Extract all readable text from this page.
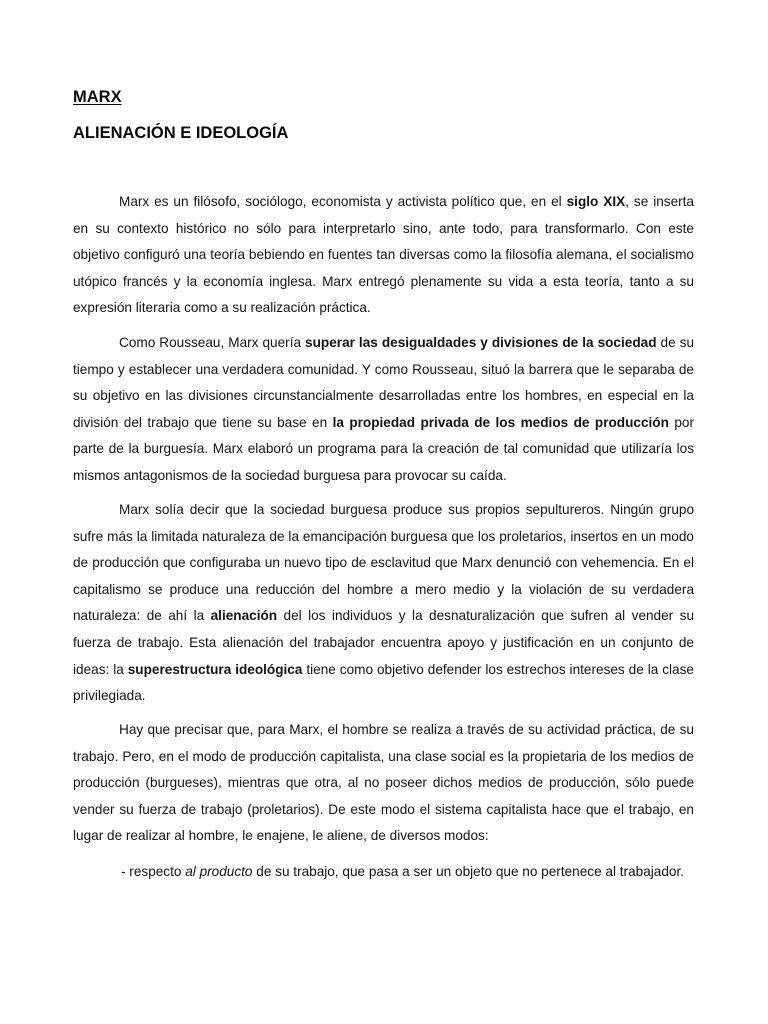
MARX
ALIENACIÓN E IDEOLOGÍA

Marx es un filósofo, sociólogo, economista y activista político que, en el siglo XIX, se inserta en su contexto histórico no sólo para interpretarlo sino, ante todo, para transformarlo. Con este objetivo configuró una teoría bebiendo en fuentes tan diversas como la filosofía alemana, el socialismo utópico francés y la economía inglesa. Marx entregó plenamente su vida a esta teoría, tanto a su expresión literaria como a su realización práctica.

Como Rousseau, Marx quería superar las desigualdades y divisiones de la sociedad de su tiempo y establecer una verdadera comunidad. Y como Rousseau, situó la barrera que le separaba de su objetivo en las divisiones circunstancialmente desarrolladas entre los hombres, en especial en la división del trabajo que tiene su base en la propiedad privada de los medios de producción por parte de la burguesía. Marx elaboró un programa para la creación de tal comunidad que utilizaría los mismos antagonismos de la sociedad burguesa para provocar su caída.

Marx solía decir que la sociedad burguesa produce sus propios sepultureros. Ningún grupo sufre más la limitada naturaleza de la emancipación burguesa que los proletarios, insertos en un modo de producción que configuraba un nuevo tipo de esclavitud que Marx denunció con vehemencia. En el capitalismo se produce una reducción del hombre a mero medio y la violación de su verdadera naturaleza: de ahí la alienación del los individuos y la desnaturalización que sufren al vender su fuerza de trabajo. Esta alienación del trabajador encuentra apoyo y justificación en un conjunto de ideas: la superestructura ideológica tiene como objetivo defender los estrechos intereses de la clase privilegiada.

Hay que precisar que, para Marx, el hombre se realiza a través de su actividad práctica, de su trabajo. Pero, en el modo de producción capitalista, una clase social es la propietaria de los medios de producción (burgueses), mientras que otra, al no poseer dichos medios de producción, sólo puede vender su fuerza de trabajo (proletarios). De este modo el sistema capitalista hace que el trabajo, en lugar de realizar al hombre, le enajene, le aliene, de diversos modos:

- respecto al producto de su trabajo, que pasa a ser un objeto que no pertenece al trabajador.
